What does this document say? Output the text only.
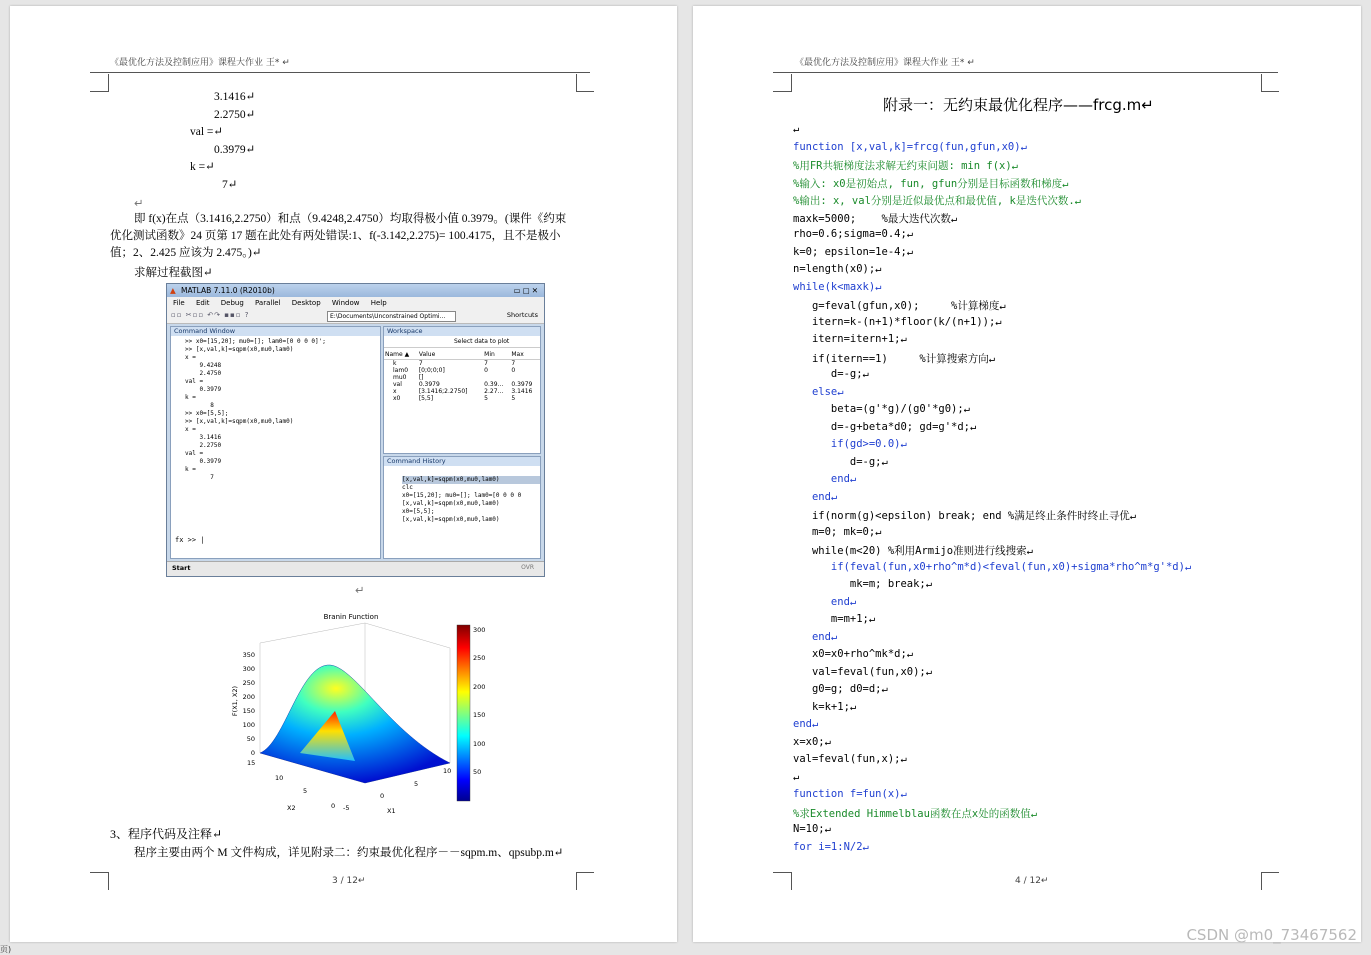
《最优化方法及控制应用》课程大作业 王* ↵
3.1416↵
2.2750↵
val =↵
0.3979↵
k =↵
7↵
↵
即 f(x)在点（3.1416,2.2750）和点（9.4248,2.4750）均取得极小值 0.3979。(课件《约束
优化测试函数》24 页第 17 题在此处有两处错误:1、f(-3.142,2.275)= 100.4175，且不是极小
值；2、2.425 应该为 2.475。)↵
求解过程截图↵
▲ MATLAB 7.11.0 (R2010b)	▭▢✕
File Edit Debug Parallel Desktop Window Help
▫▫ ✂▫▫ ↶↷ ▪▪▫ ?	E:\Documents\Unconstrained Optimi...	Shortcuts
Command Window
>> x0=[15,20]; mu0=[]; lam0=[0 0 0 0]';
>> [x,val,k]=sqpm(x0,mu0,lam0)
x =
9.4248
2.4750
val =
0.3979
k =
8
>> x0=[5,5];
>> [x,val,k]=sqpm(x0,mu0,lam0)
x =
3.1416
2.2750
val =
0.3979
k =
7
fx >> |
Workspace
Select data to plot
Name ▲	Value	Min	Max
k	7	7	7
lam0	[0;0;0;0]	0	0
mu0	[]		
val	0.3979	0.39...	0.3979
x	[3.1416;2.2750]	2.27...	3.1416
x0	[5,5]	5	5
Command History
[x,val,k]=sqpm(x0,mu0,lam0)
clc
x0=[15,20]; mu0=[]; lam0=[0 0 0 0
[x,val,k]=sqpm(x0,mu0,lam0)
x0=[5,5];
[x,val,k]=sqpm(x0,mu0,lam0)
Start	OVR
↵
Branin Function
350
300
250
200
150
100
50
0
F(X1, X2)
15
10
5
0
X2	-5
0
5
10
X1
300
250
200
150
100
50
3、程序代码及注释↵
程序主要由两个 M 文件构成，详见附录二：约束最优化程序－－sqpm.m、qpsubp.m↵
3 / 12↵
《最优化方法及控制应用》课程大作业 王* ↵
附录一：无约束最优化程序——frcg.m↵
↵
function [x,val,k]=frcg(fun,gfun,x0)↵
%用FR共轭梯度法求解无约束问题: min f(x)↵
%输入: x0是初始点, fun, gfun分别是目标函数和梯度↵
%输出: x, val分别是近似最优点和最优值, k是迭代次数.↵
maxk=5000;    %最大迭代次数↵
rho=0.6;sigma=0.4;↵
k=0; epsilon=1e-4;↵
n=length(x0);↵
while(k<maxk)↵
g=feval(gfun,x0);     %计算梯度↵
itern=k-(n+1)*floor(k/(n+1));↵
itern=itern+1;↵
if(itern==1)     %计算搜索方向↵
d=-g;↵
else↵
beta=(g'*g)/(g0'*g0);↵
d=-g+beta*d0; gd=g'*d;↵
if(gd>=0.0)↵
d=-g;↵
end↵
end↵
if(norm(g)<epsilon) break; end %满足终止条件时终止寻优↵
m=0; mk=0;↵
while(m<20) %利用Armijo准则进行线搜索↵
if(feval(fun,x0+rho^m*d)<feval(fun,x0)+sigma*rho^m*g'*d)↵
mk=m; break;↵
end↵
m=m+1;↵
end↵
x0=x0+rho^mk*d;↵
val=feval(fun,x0);↵
g0=g; d0=d;↵
k=k+1;↵
end↵
x=x0;↵
val=feval(fun,x);↵
↵
function f=fun(x)↵
%求Extended Himmelblau函数在点x处的函数值↵
N=10;↵
for i=1:N/2↵
4 / 12↵
页)
CSDN @m0_73467562
